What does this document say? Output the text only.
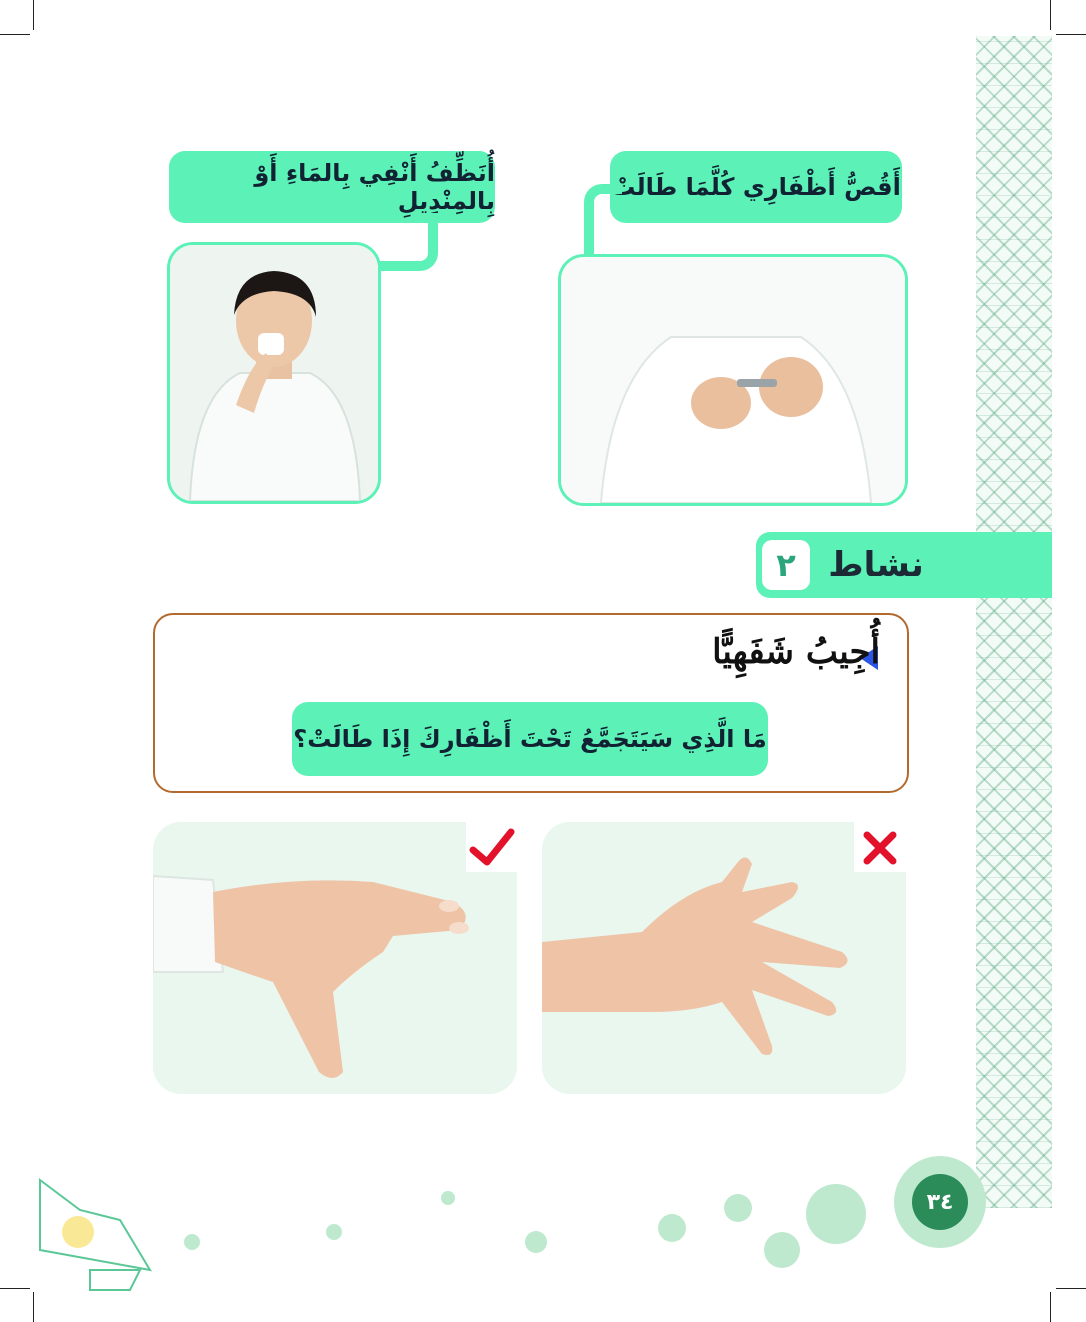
أُنَظِّفُ أَنْفِي بِالمَاءِ أَوْ بِالمِنْدِيلِ	أَقُصُّ أَظْفَارِي كُلَّمَا طَالَتْ
نشاط
٢
أُجِيبُ شَفَهِيًّا
مَا الَّذِي سَيَتَجَمَّعُ تَحْتَ أَظْفَارِكَ إِذَا طَالَتْ؟
٣٤
